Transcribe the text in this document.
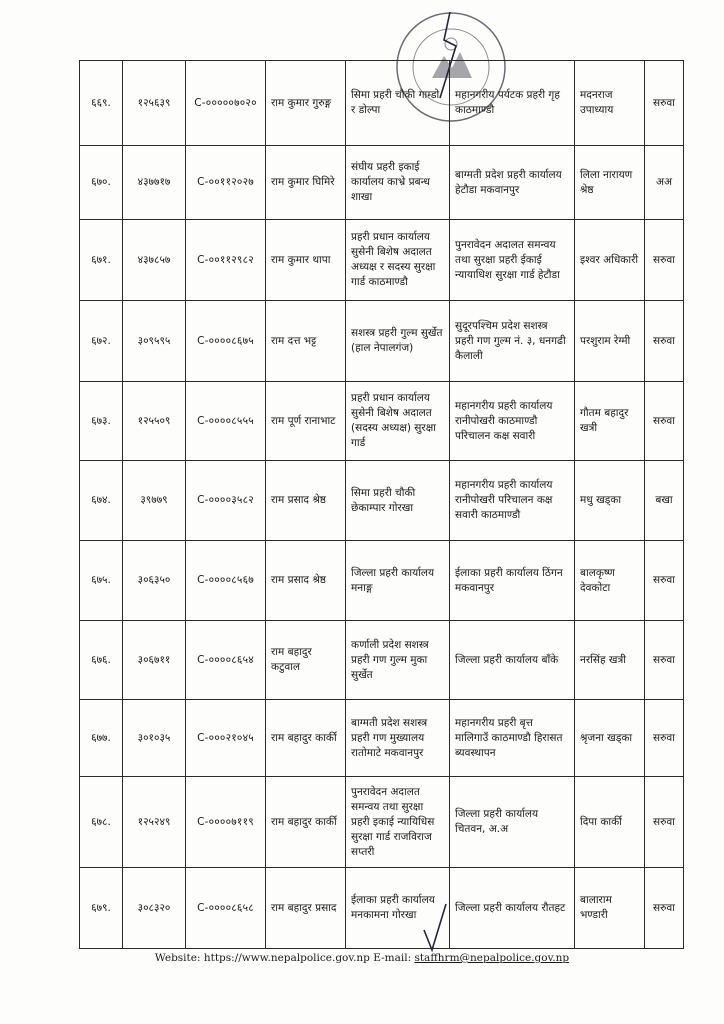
६६९.	१२५६३९	C-०००००७०२०	राम कुमार गुरुङ्ग	सिमा प्रहरी चौकी गाम्डो र डोल्पा	महानगरीय पर्यटक प्रहरी गृह काठमाण्डौ	मदनराज उपाध्याय	सरुवा
६७०.	४३७७१७	C-००११२०२७	राम कुमार घिमिरे	संघीय प्रहरी इकाई कार्यालय काभ्रे प्रबन्ध शाखा	बाग्मती प्रदेश प्रहरी कार्यालय हेटौडा मकवानपुर	लिला नारायण श्रेष्ठ	अअ
६७१.	४३७८५७	C-००११२९८२	राम कुमार थापा	प्रहरी प्रधान कार्यालय सुसेनी बिशेष अदालत अध्यक्ष र सदस्य सुरक्षा गार्ड काठमाण्डौ	पुनरावेदन अदालत समन्वय तथा सुरक्षा प्रहरी ईकाई न्यायाधिश सुरक्षा गार्ड हेटौडा	इश्वर अधिकारी	सरुवा
६७२.	३०९५९५	C-००००८६७५	राम दत्त भट्ट	सशस्त्र प्रहरी गुल्म सुर्खेत (हाल नेपालगंज)	सुदूरपश्चिम प्रदेश सशस्त्र प्रहरी गण गुल्म नं. ३, धनगढी कैलाली	परशुराम रेग्मी	सरुवा
६७३.	१२५५०९	C-००००८५५५	राम पूर्ण रानाभाट	प्रहरी प्रधान कार्यालय सुसेनी बिशेष अदालत (सदस्य अध्यक्ष) सुरक्षा गार्ड	महानगरीय प्रहरी कार्यालय रानीपोखरी काठमाण्डौ परिचालन कक्ष सवारी	गौतम बहादुर खत्री	सरुवा
६७४.	३९७७९	C-००००३५८२	राम प्रसाद श्रेष्ठ	सिमा प्रहरी चौकी छेकाम्पार गोरखा	महानगरीय प्रहरी कार्यालय रानीपोखरी परिचालन कक्ष सवारी काठमाण्डौ	मधु खड्का	बखा
६७५.	३०६३५०	C-००००८५६७	राम प्रसाद श्रेष्ठ	जिल्ला प्रहरी कार्यालय मनाङ्ग	ईलाका प्रहरी कार्यालय ठिंगन मकवानपुर	बालकृष्ण देवकोटा	सरुवा
६७६.	३०६७११	C-००००८६५४	राम बहादुर कटुवाल	कर्णाली प्रदेश सशस्त्र प्रहरी गण गुल्म मुका सुर्खेत	जिल्ला प्रहरी कार्यालय बाँके	नरसिंह खत्री	सरुवा
६७७.	३०१०३५	C-०००२१०४५	राम बहादुर कार्की	बाग्मती प्रदेश सशस्त्र प्रहरी गण मुख्यालय रातोमाटे मकवानपुर	महानगरीय प्रहरी बृत्त मालिगाउँ काठमाण्डौ हिरासत ब्यवस्थापन	श्रृजना खड्का	सरुवा
६७८.	१२५२४९	C-००००७११९	राम बहादुर कार्की	पुनरावेदन अदालत समन्वय तथा सुरक्षा प्रहरी इकाई न्यायिधिस सुरक्षा गार्ड राजविराज सप्तरी	जिल्ला प्रहरी कार्यालय चितवन, अ.अ	दिपा कार्की	सरुवा
६७९.	३०८३२०	C-००००८६५८	राम बहादुर प्रसाद	ईलाका प्रहरी कार्यालय मनकामना गोरखा	जिल्ला प्रहरी कार्यालय रौतहट	बालाराम भण्डारी	सरुवा
Website: https://www.nepalpolice.gov.np E-mail: staffhrm@nepalpolice.gov.np
